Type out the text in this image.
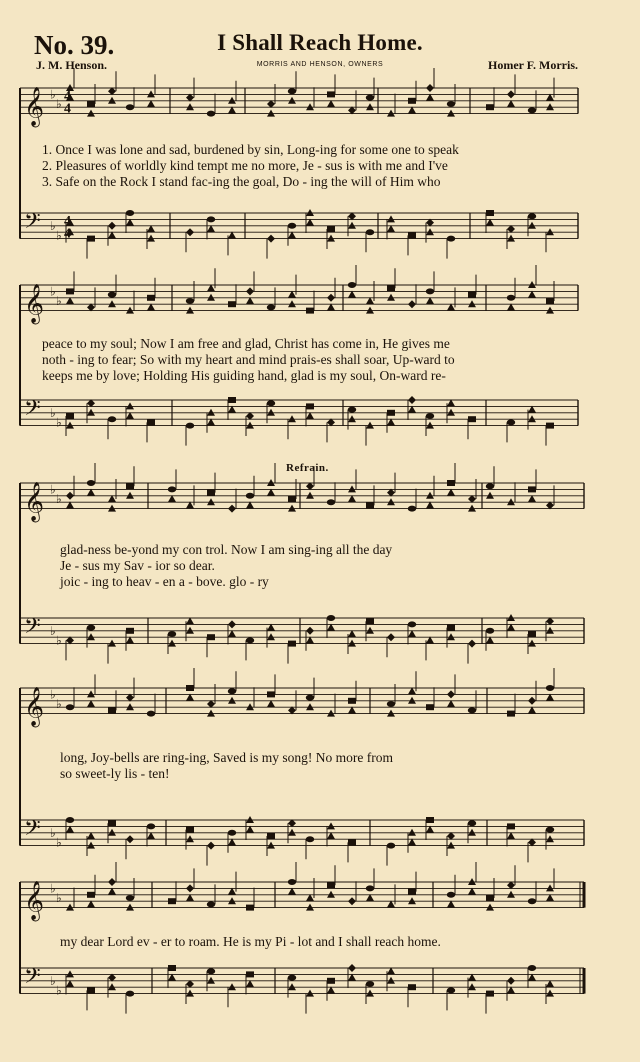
No. 39.	I Shall Reach Home.
J. M. Henson.	MORRIS AND HENSON, OWNERS	Homer F. Morris.
𝄞 ♭
♭
𝄢 ♭
♭
4
4
4
4
𝄞 ♭
♭
𝄢 ♭
♭
𝄞 ♭
♭
𝄢 ♭
♭
𝄞 ♭
♭
𝄢 ♭
♭
𝄞 ♭
♭
𝄢 ♭
♭
Refrain.
1. Once I was lone and sad, burdened by sin, Long-ing for some one to speak
2. Pleasures of worldly kind tempt me no more, Je - sus is with me and I've
3. Safe on the Rock I stand fac-ing the goal, Do - ing the will of Him who
peace to my soul; Now I am free and glad, Christ has come in, He gives me
noth - ing to fear; So with my heart and mind prais-es shall soar, Up-ward to
keeps me by love; Holding His guiding hand, glad is my soul, On-ward re-
glad-ness be-yond my con trol. Now I am sing-ing all the day
Je - sus my Sav - ior so dear.
joic - ing to heav - en a - bove. glo - ry
long, Joy-bells are ring-ing, Saved is my song! No more from
so sweet-ly lis - ten!
my dear Lord ev - er to roam. He is my Pi - lot and I shall reach home.
